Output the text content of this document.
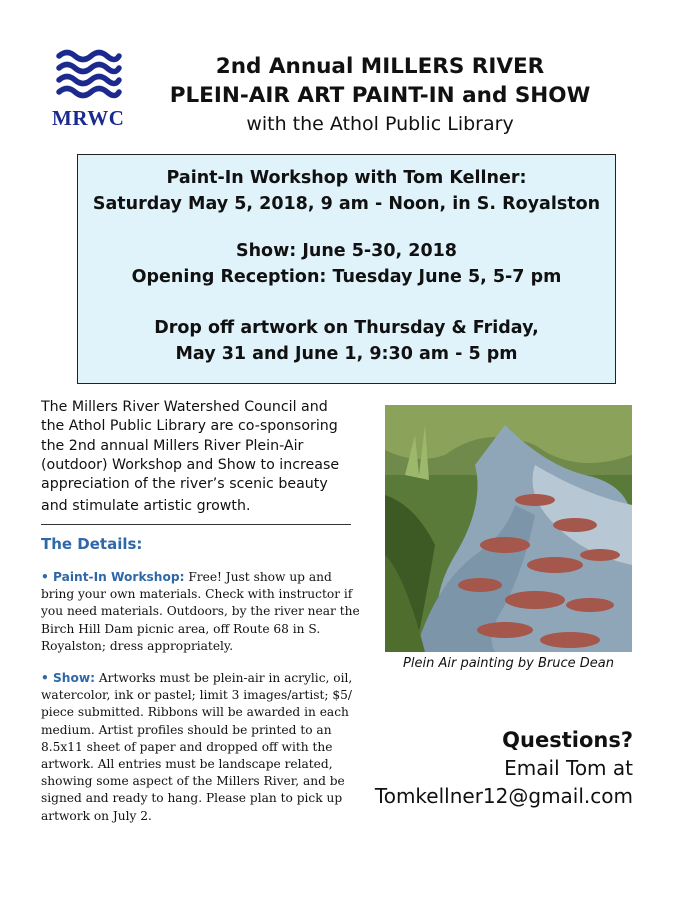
MRWC
2nd Annual MILLERS RIVER
PLEIN-AIR ART PAINT-IN and SHOW
with the Athol Public Library
Paint-In Workshop with Tom Kellner:
Saturday May 5, 2018, 9 am - Noon, in S. Royalston
Show: June 5-30, 2018
Opening Reception: Tuesday June 5, 5-7 pm
Drop off artwork on Thursday & Friday,
May 31 and June 1, 9:30 am - 5 pm
The Millers River Watershed Council and
the Athol Public Library are co-sponsoring
the 2nd annual Millers River Plein-Air
(outdoor) Workshop and Show to increase
appreciation of the river’s scenic beauty
and stimulate artistic growth.
The Details:
• Paint-In Workshop: Free! Just show up and bring your own materials. Check with instructor if you need materials. Outdoors, by the river near the Birch Hill Dam picnic area, off Route 68 in S. Royalston; dress appropriately.
• Show: Artworks must be plein-air in acrylic, oil, watercolor, ink or pastel; limit 3 images/artist; $5/ piece submitted. Ribbons will be awarded in each medium. Artist profiles should be printed to an 8.5x11 sheet of paper and dropped off with the artwork. All entries must be landscape related, showing some aspect of the Millers River, and be signed and ready to hang. Please plan to pick up artwork on July 2.
Plein Air painting by Bruce Dean
Questions?
Email Tom at
Tomkellner12@gmail.com
